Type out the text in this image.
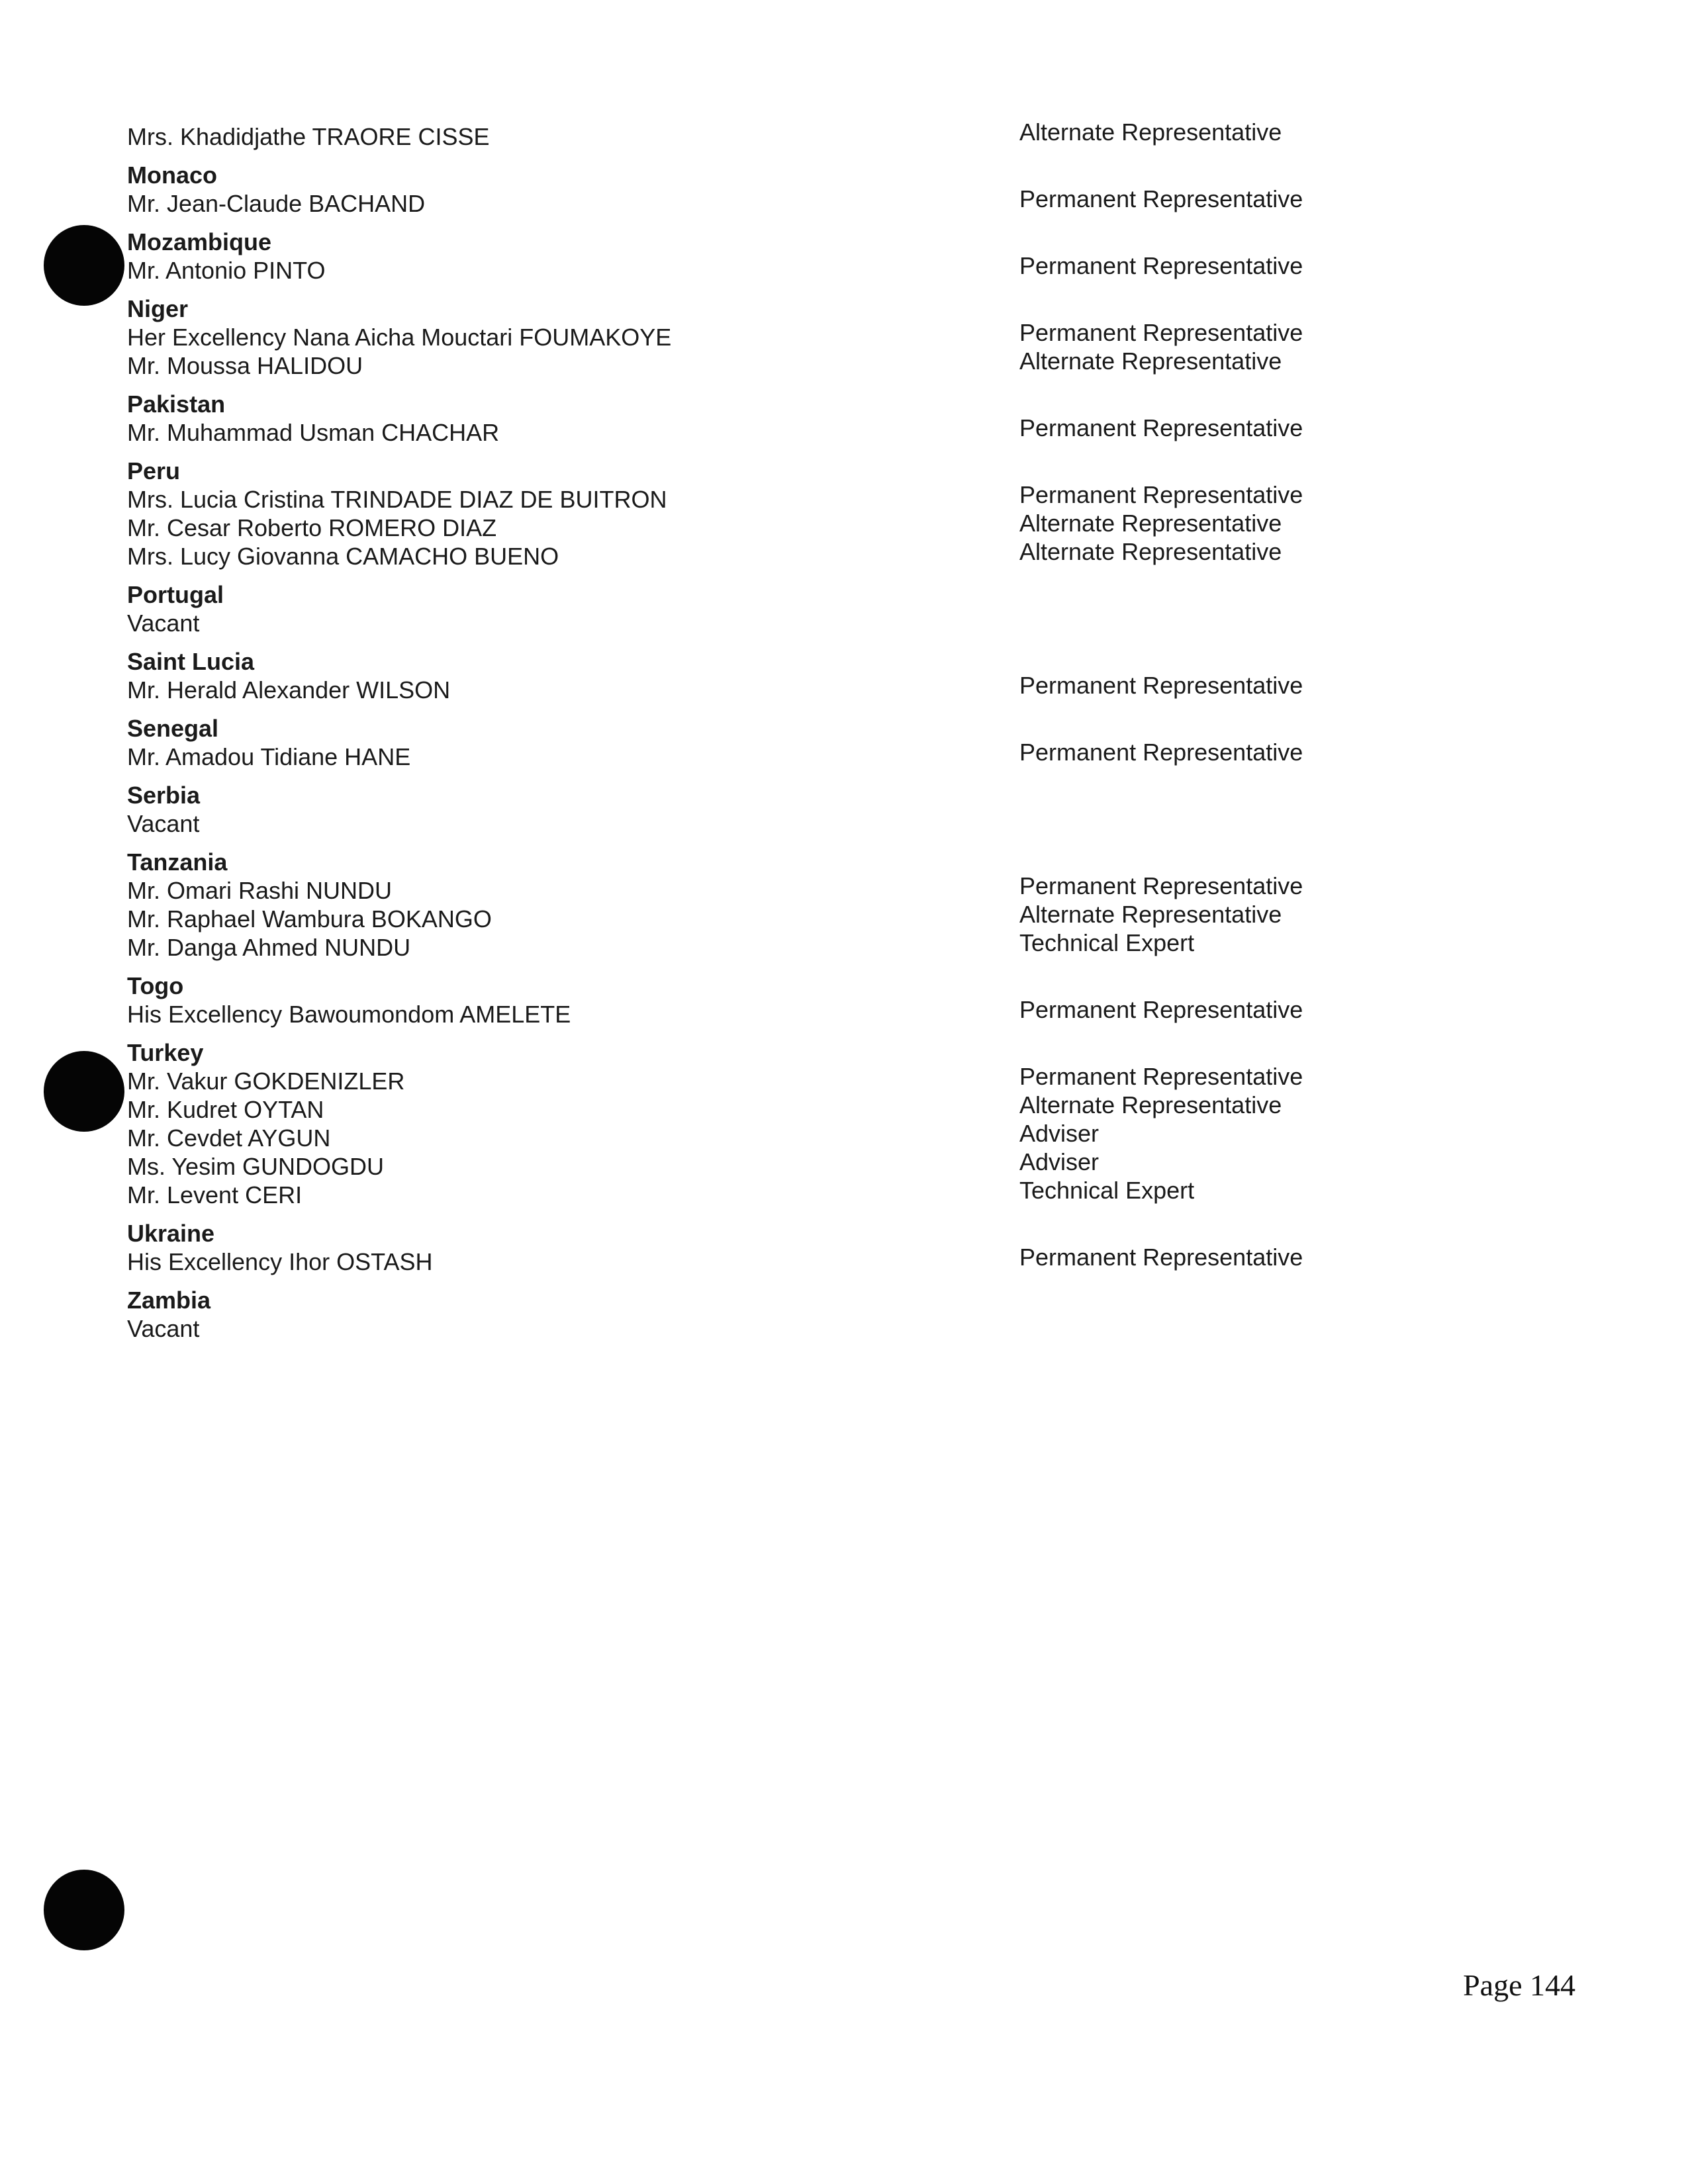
Mrs. Khadidjathe TRAORE CISSE	Alternate Representative
Monaco
Mr. Jean-Claude BACHAND	Permanent Representative
Mozambique
Mr. Antonio PINTO	Permanent Representative
Niger
Her Excellency Nana Aicha Mouctari FOUMAKOYE	Permanent Representative
Mr. Moussa HALIDOU	Alternate Representative
Pakistan
Mr. Muhammad Usman CHACHAR	Permanent Representative
Peru
Mrs. Lucia Cristina TRINDADE DIAZ DE BUITRON	Permanent Representative
Mr. Cesar Roberto ROMERO DIAZ	Alternate Representative
Mrs. Lucy Giovanna CAMACHO BUENO	Alternate Representative
Portugal
Vacant
Saint Lucia
Mr. Herald Alexander WILSON	Permanent Representative
Senegal
Mr. Amadou Tidiane HANE	Permanent Representative
Serbia
Vacant
Tanzania
Mr. Omari Rashi NUNDU	Permanent Representative
Mr. Raphael Wambura BOKANGO	Alternate Representative
Mr. Danga Ahmed NUNDU	Technical Expert
Togo
His Excellency Bawoumondom AMELETE	Permanent Representative
Turkey
Mr. Vakur GOKDENIZLER	Permanent Representative
Mr. Kudret OYTAN	Alternate Representative
Mr. Cevdet AYGUN	Adviser
Ms. Yesim GUNDOGDU	Adviser
Mr. Levent CERI	Technical Expert
Ukraine
His Excellency Ihor OSTASH	Permanent Representative
Zambia
Vacant
Page 144
